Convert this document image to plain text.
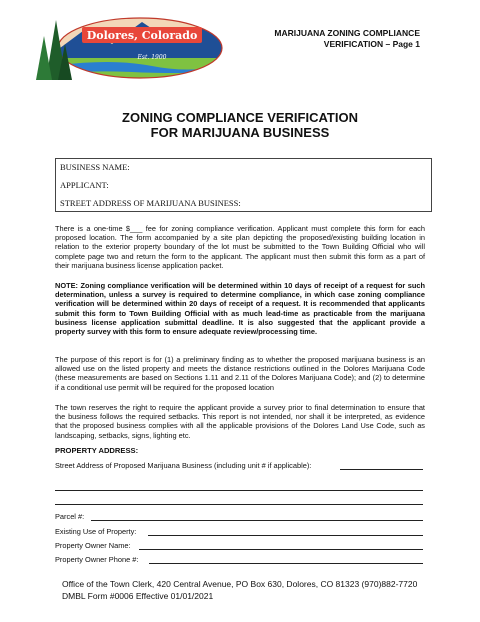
Dolores, Colorado
Est. 1900
MARIJUANA ZONING COMPLIANCE
VERIFICATION – Page 1
ZONING COMPLIANCE VERIFICATION
FOR MARIJUANA BUSINESS
BUSINESS NAME:
APPLICANT:
STREET ADDRESS OF MARIJUANA BUSINESS:
There is a one-time $___ fee for zoning compliance verification. Applicant must complete this form for each proposed location. The form accompanied by a site plan depicting the proposed/existing building location in relation to the exterior property boundary of the lot must be submitted to the Town Building Official who will complete page two and return the form to the applicant. The applicant must then submit this form as a part of their marijuana business license application packet.
NOTE: Zoning compliance verification will be determined within 10 days of receipt of a request for such determination, unless a survey is required to determine compliance, in which case zoning compliance verification will be determined within 20 days of receipt of a request. It is recommended that applicants submit this form to Town Building Official with as much lead-time as practicable from the marijuana business license application submittal deadline. It is also suggested that the applicant provide a property survey with this form to ensure adequate review/processing time.
The purpose of this report is for (1) a preliminary finding as to whether the proposed marijuana business is an allowed use on the listed property and meets the distance restrictions outlined in the Dolores Marijuana Code (these measurements are based on Sections 1.11 and 2.11 of the Dolores Marijuana Code); and (2) to determine if a conditional use permit will be required for the proposed location
The town reserves the right to require the applicant provide a survey prior to final determination to ensure that the business follows the required setbacks. This report is not intended, nor shall it be interpreted, as evidence that the proposed business complies with all the applicable provisions of the Dolores Land Use Code, such as landscaping, setbacks, signs, lighting etc.
PROPERTY ADDRESS:
Street Address of Proposed Marijuana Business (including unit # if applicable):
Parcel #:
Existing Use of Property:
Property Owner Name:
Property Owner Phone #:
Office of the Town Clerk, 420 Central Avenue, PO Box 630, Dolores, CO 81323 (970)882-7720
DMBL Form #0006 Effective 01/01/2021
